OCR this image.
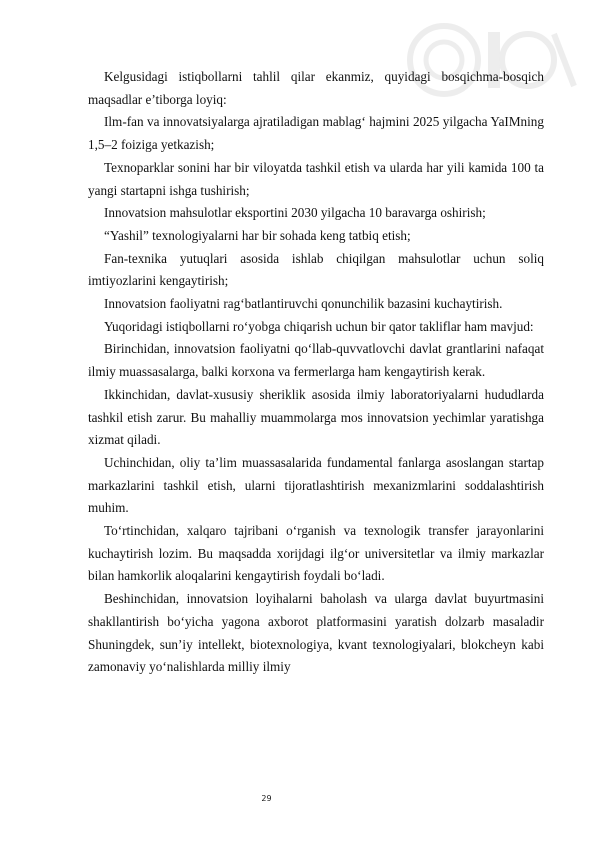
Kelgusidagi istiqbollarni tahlil qilar ekanmiz, quyidagi bosqichma-bosqich maqsadlar e’tiborga loyiq:

Ilm-fan va innovatsiyalarga ajratiladigan mablag‘ hajmini 2025 yilgacha YaIMning 1,5–2 foiziga yetkazish;

Texnoparklar sonini har bir viloyatda tashkil etish va ularda har yili kamida 100 ta yangi startapni ishga tushirish;

Innovatsion mahsulotlar eksportini 2030 yilgacha 10 baravarga oshirish;

“Yashil” texnologiyalarni har bir sohada keng tatbiq etish;

Fan-texnika yutuqlari asosida ishlab chiqilgan mahsulotlar uchun soliq imtiyozlarini kengaytirish;

Innovatsion faoliyatni rag‘batlantiruvchi qonunchilik bazasini kuchaytirish.

Yuqoridagi istiqbollarni ro‘yobga chiqarish uchun bir qator takliflar ham mavjud:

Birinchidan, innovatsion faoliyatni qo‘llab-quvvatlovchi davlat grantlarini nafaqat ilmiy muassasalarga, balki korxona va fermerlarga ham kengaytirish kerak.

Ikkinchidan, davlat-xususiy sheriklik asosida ilmiy laboratoriyalarni hududlarda tashkil etish zarur. Bu mahalliy muammolarga mos innovatsion yechimlar yaratishga xizmat qiladi.

Uchinchidan, oliy ta’lim muassasalarida fundamental fanlarga asoslangan startap markazlarini tashkil etish, ularni tijoratlashtirish mexanizmlarini soddalashtirish muhim.

To‘rtinchidan, xalqaro tajribani o‘rganish va texnologik transfer jarayonlarini kuchaytirish lozim. Bu maqsadda xorijdagi ilg‘or universitetlar va ilmiy markazlar bilan hamkorlik aloqalarini kengaytirish foydali bo‘ladi.

Beshinchidan, innovatsion loyihalarni baholash va ularga davlat buyurtmasini shakllantirish bo‘yicha yagona axborot platformasini yaratish dolzarb masaladir Shuningdek, sun’iy intellekt, biotexnologiya, kvant texnologiyalari, blokcheyn kabi zamonaviy yo‘nalishlarda milliy ilmiy

29
